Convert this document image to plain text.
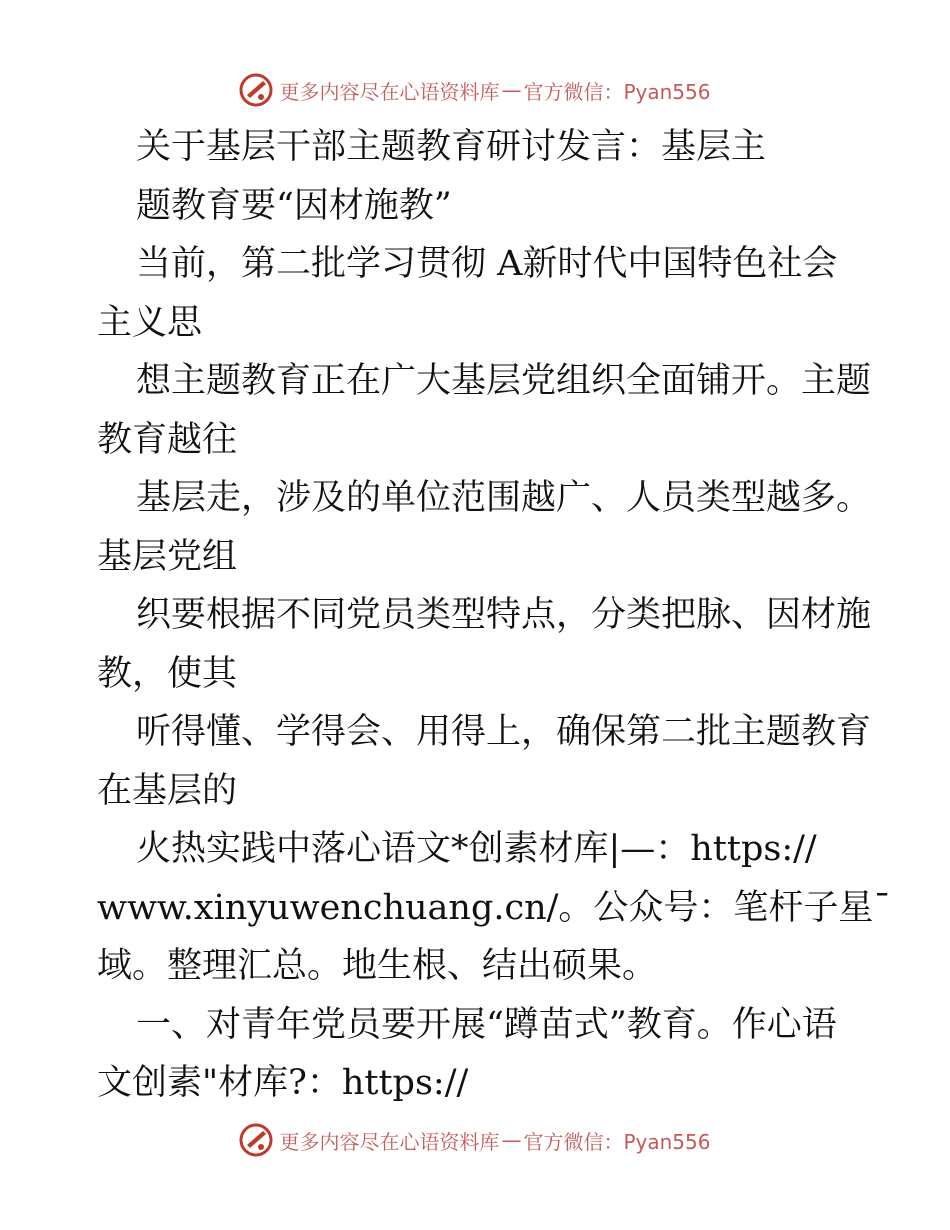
更多内容尽在心语资料库 — 官方微信：Pyan556
关于基层干部主题教育研讨发言：基层主
题教育要“因材施教”
当前，第二批学习贯彻 A新时代中国特色社会
主义思
想主题教育正在广大基层党组织全面铺开。主题
教育越往
基层走，涉及的单位范围越广、人员类型越多。
基层党组
织要根据不同党员类型特点，分类把脉、因材施
教，使其
听得懂、学得会、用得上，确保第二批主题教育
在基层的
火热实践中落心语文*创素材库|—：https://
www.xinyuwenchuang.cn/。公众号：笔杆子星¯
域。整理汇总。地生根、结出硕果。
一、对青年党员要开展“蹲苗式”教育。作心语
文创素"材库?：https://
更多内容尽在心语资料库 — 官方微信：Pyan556
